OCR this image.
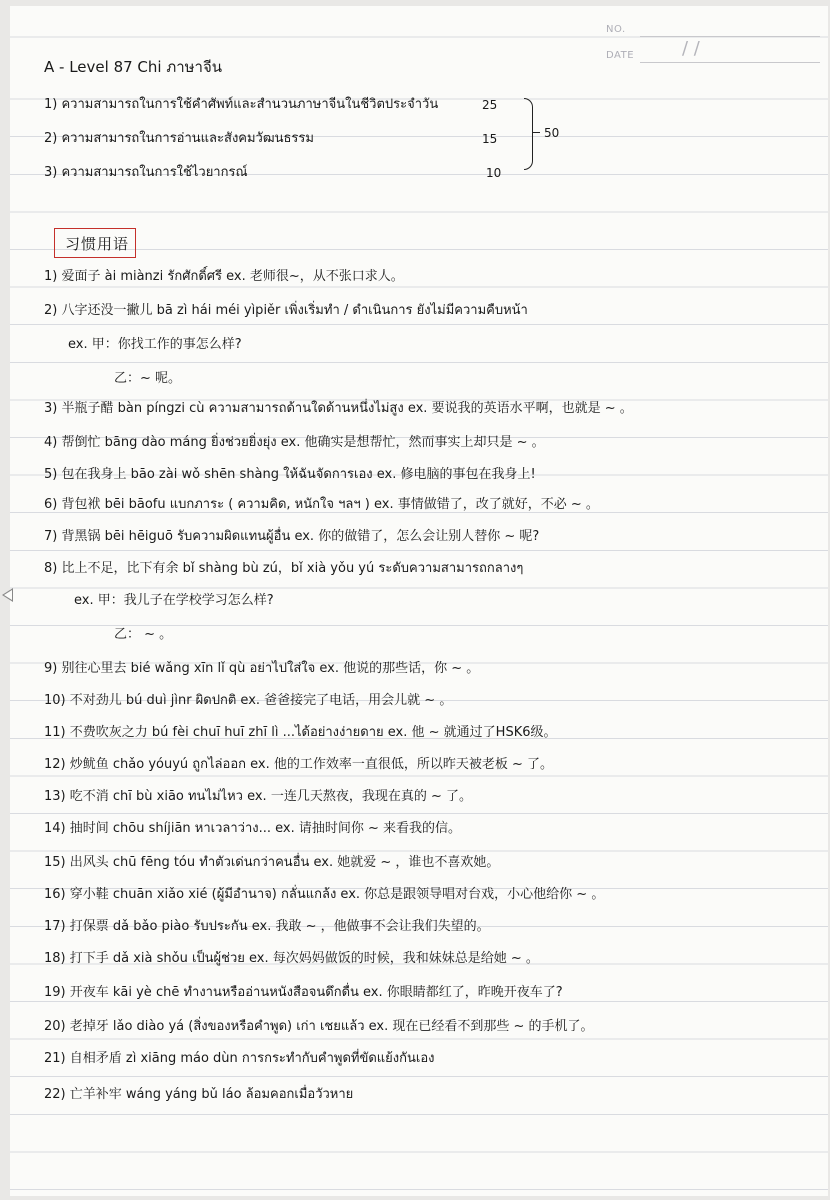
NO.
DATE	/ /
A - Level 87 Chi ภาษาจีน
1) ความสามารถในการใช้คำศัพท์และสำนวนภาษาจีนในชีวิตประจำวัน	25
2) ความสามารถในการอ่านและสังคมวัฒนธรรม	15
3) ความสามารถในการใช้ไวยากรณ์	10
50
习惯用语
1) 爱面子 ài miànzi รักศักดิ์ศรี ex. 老师很~，从不张口求人。
2) 八字还没一撇儿 bā zì hái méi yìpiěr เพิ่งเริ่มทำ / ดำเนินการ ยังไม่มีความคืบหน้า
ex. 甲：你找工作的事怎么样?
乙：~ 呢。
3) 半瓶子醋 bàn píngzi cù ความสามารถด้านใดด้านหนึ่งไม่สูง ex. 要说我的英语水平啊，也就是 ~ 。
4) 帮倒忙 bāng dào máng ยิ่งช่วยยิ่งยุ่ง ex. 他确实是想帮忙，然而事实上却只是 ~ 。
5) 包在我身上 bāo zài wǒ shēn shàng ให้ฉันจัดการเอง ex. 修电脑的事包在我身上!
6) 背包袱 bēi bāofu แบกภาระ ( ความคิด, หนักใจ ฯลฯ ) ex. 事情做错了，改了就好，不必 ~ 。
7) 背黑锅 bēi hēiguō รับความผิดแทนผู้อื่น ex. 你的做错了，怎么会让别人替你 ~ 呢?
8) 比上不足，比下有余 bǐ shàng bù zú，bǐ xià yǒu yú ระดับความสามารถกลางๆ
ex. 甲：我儿子在学校学习怎么样?
乙： ~ 。
9) 别往心里去 bié wǎng xīn lǐ qù อย่าไปใส่ใจ ex. 他说的那些话，你 ~ 。
10) 不对劲儿 bú duì jìnr ผิดปกติ ex. 爸爸接完了电话，用会儿就 ~ 。
11) 不费吹灰之力 bú fèi chuī huī zhī lì ...ได้อย่างง่ายดาย ex. 他 ~ 就通过了HSK6级。
12) 炒鱿鱼 chǎo yóuyú ถูกไล่ออก ex. 他的工作效率一直很低，所以昨天被老板 ~ 了。
13) 吃不消 chī bù xiāo ทนไม่ไหว ex. 一连几天熬夜，我现在真的 ~ 了。
14) 抽时间 chōu shíjiān หาเวลาว่าง... ex. 请抽时间你 ~ 来看我的信。
15) 出风头 chū fēng tóu ทำตัวเด่นกว่าคนอื่น ex. 她就爱 ~ ，谁也不喜欢她。
16) 穿小鞋 chuān xiǎo xié (ผู้มีอำนาจ) กลั่นแกล้ง ex. 你总是跟领导唱对台戏，小心他给你 ~ 。
17) 打保票 dǎ bǎo piào รับประกัน ex. 我敢 ~ ，他做事不会让我们失望的。
18) 打下手 dǎ xià shǒu เป็นผู้ช่วย ex. 每次妈妈做饭的时候，我和妹妹总是给她 ~ 。
19) 开夜车 kāi yè chē ทำงานหรืออ่านหนังสือจนดึกดื่น ex. 你眼睛都红了，昨晚开夜车了?
20) 老掉牙 lǎo diào yá (สิ่งของหรือคำพูด) เก่า เชยแล้ว ex. 现在已经看不到那些 ~ 的手机了。
21) 自相矛盾 zì xiāng máo dùn การกระทำกับคำพูดที่ขัดแย้งกันเอง
22) 亡羊补牢 wáng yáng bǔ láo ล้อมคอกเมื่อวัวหาย
